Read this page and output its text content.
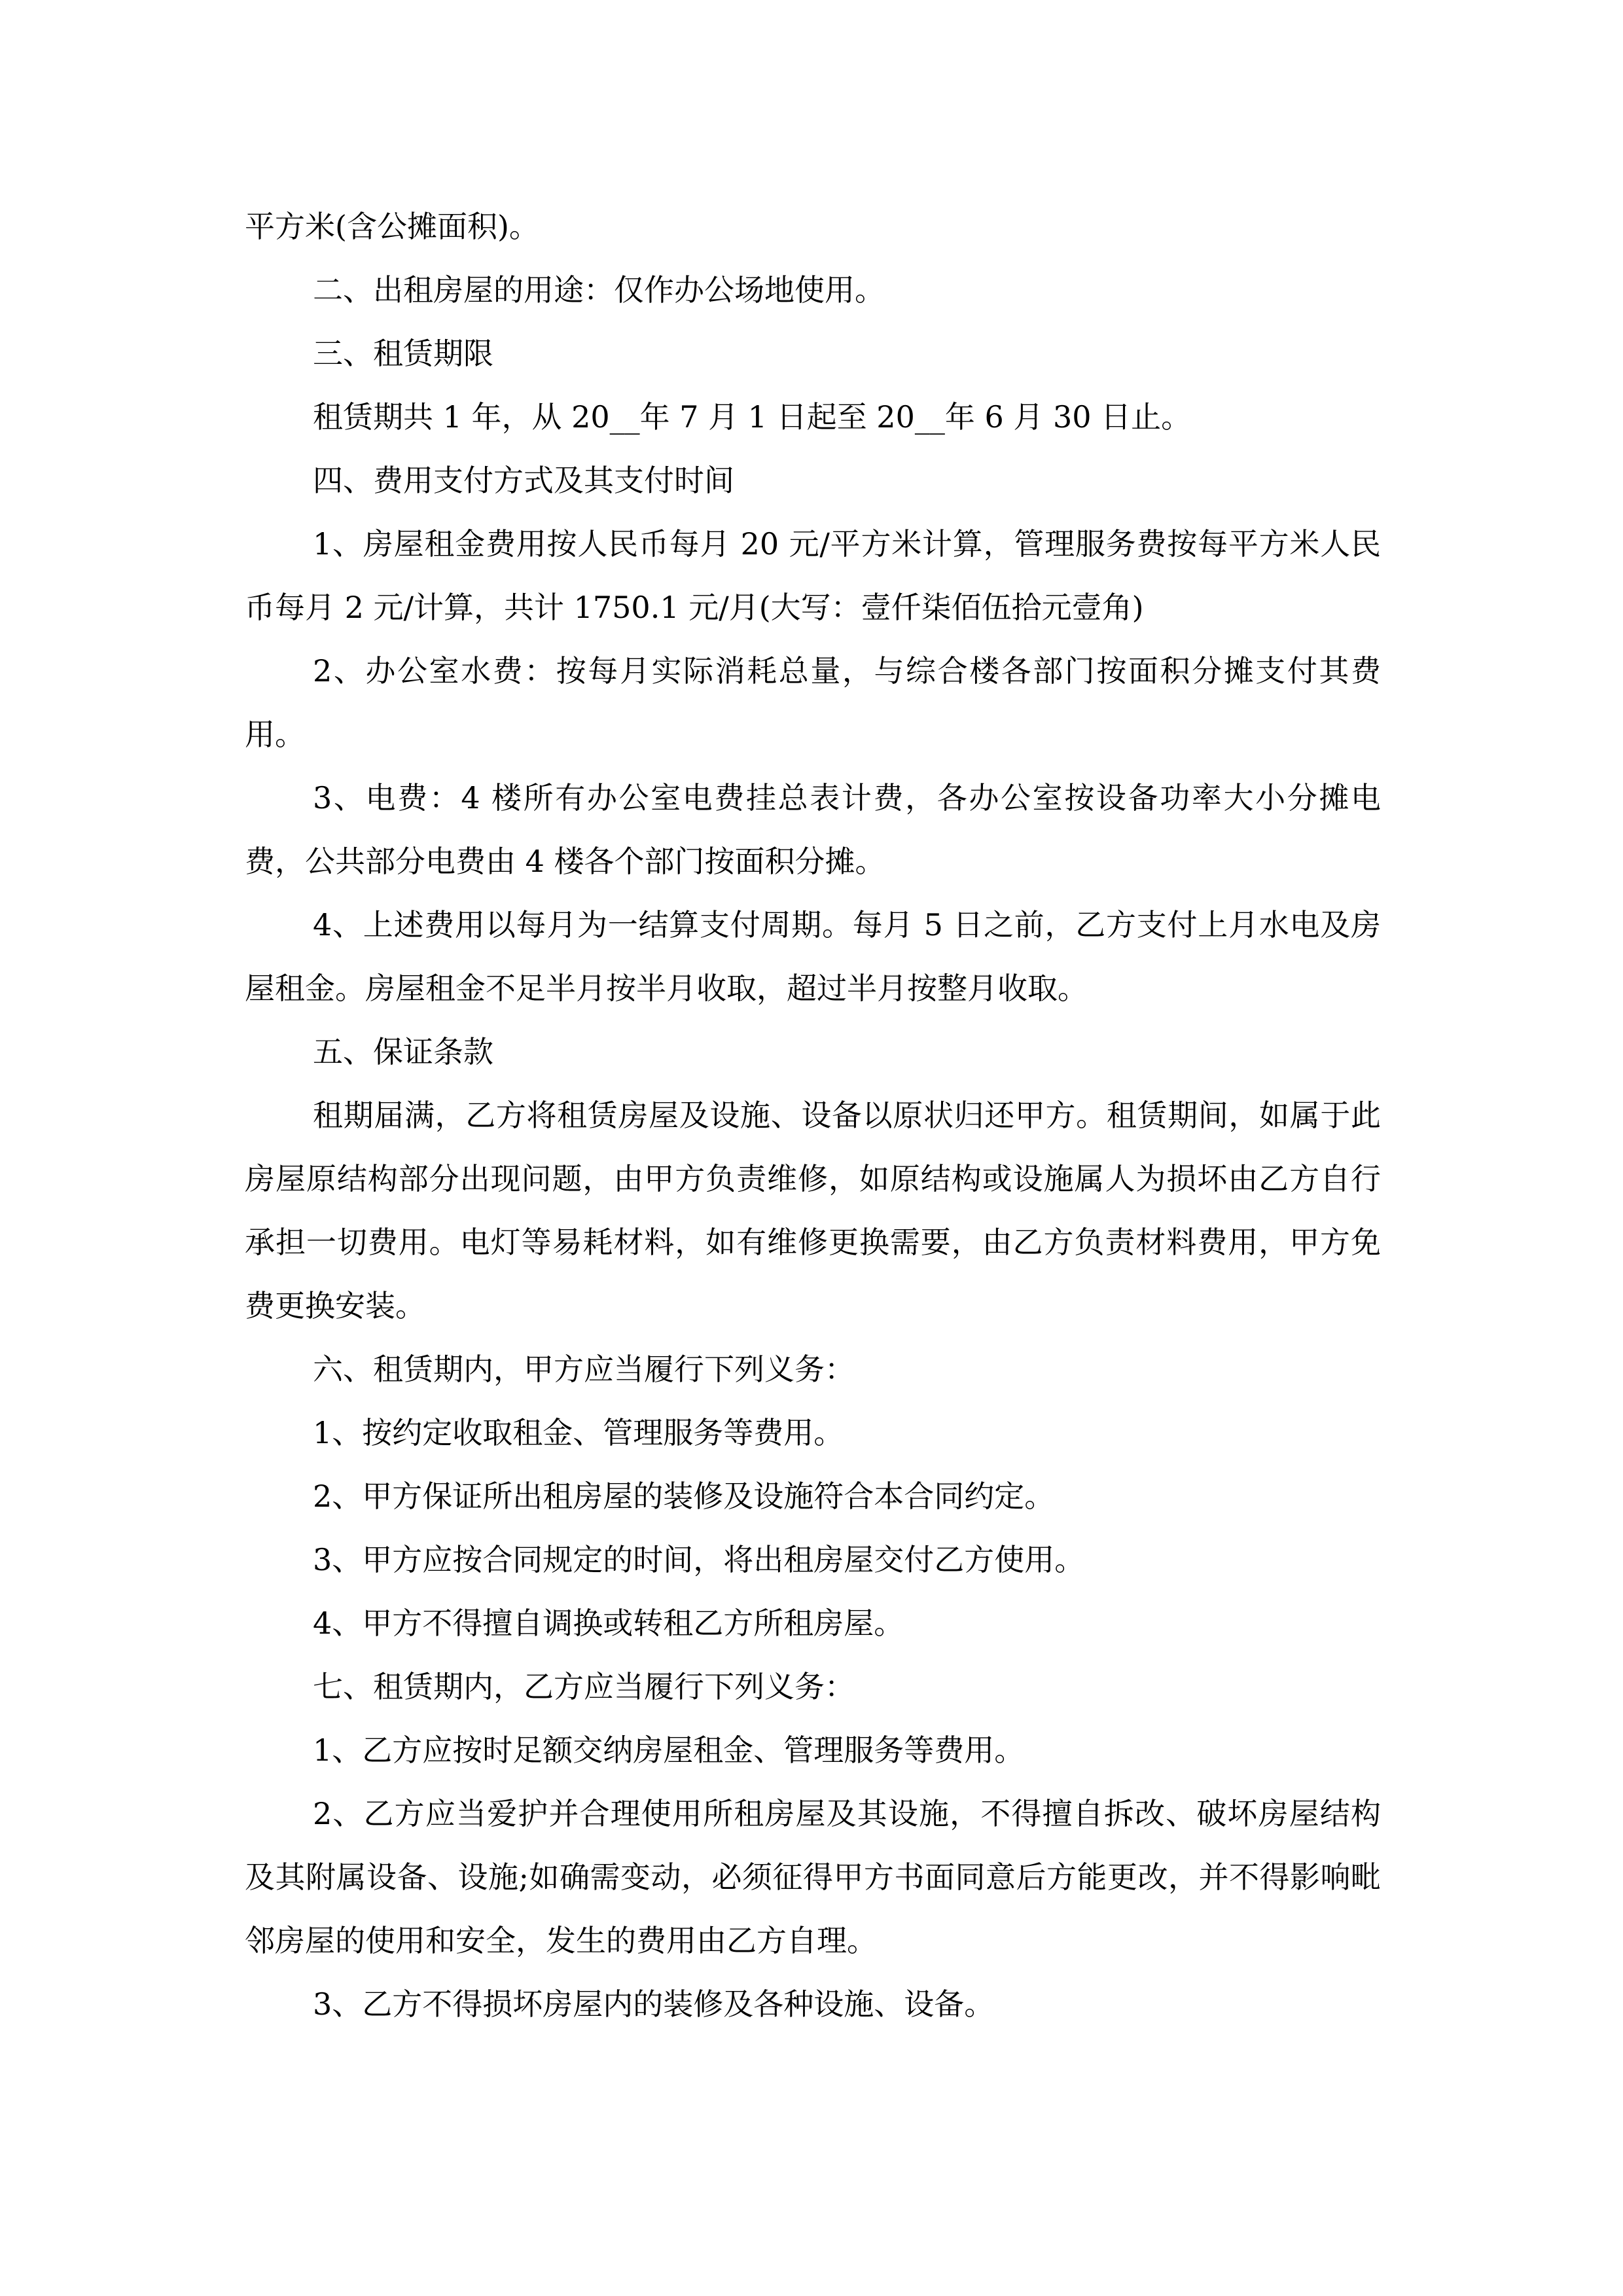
平方米(含公摊面积)。

二、出租房屋的用途：仅作办公场地使用。

三、租赁期限

租赁期共 1 年，从 20__年 7 月 1 日起至 20__年 6 月 30 日止。

四、费用支付方式及其支付时间

1、房屋租金费用按人民币每月 20 元/平方米计算，管理服务费按每平方米人民币每月 2 元/计算，共计 1750.1 元/月(大写：壹仟柒佰伍拾元壹角)

2、办公室水费：按每月实际消耗总量，与综合楼各部门按面积分摊支付其费用。

3、电费：4 楼所有办公室电费挂总表计费，各办公室按设备功率大小分摊电费，公共部分电费由 4 楼各个部门按面积分摊。

4、上述费用以每月为一结算支付周期。每月 5 日之前，乙方支付上月水电及房屋租金。房屋租金不足半月按半月收取，超过半月按整月收取。

五、保证条款

租期届满，乙方将租赁房屋及设施、设备以原状归还甲方。租赁期间，如属于此房屋原结构部分出现问题，由甲方负责维修，如原结构或设施属人为损坏由乙方自行承担一切费用。电灯等易耗材料，如有维修更换需要，由乙方负责材料费用，甲方免费更换安装。

六、租赁期内，甲方应当履行下列义务：

1、按约定收取租金、管理服务等费用。

2、甲方保证所出租房屋的装修及设施符合本合同约定。

3、甲方应按合同规定的时间，将出租房屋交付乙方使用。

4、甲方不得擅自调换或转租乙方所租房屋。

七、租赁期内，乙方应当履行下列义务：

1、乙方应按时足额交纳房屋租金、管理服务等费用。

2、乙方应当爱护并合理使用所租房屋及其设施，不得擅自拆改、破坏房屋结构及其附属设备、设施;如确需变动，必须征得甲方书面同意后方能更改，并不得影响毗邻房屋的使用和安全，发生的费用由乙方自理。

3、乙方不得损坏房屋内的装修及各种设施、设备。
